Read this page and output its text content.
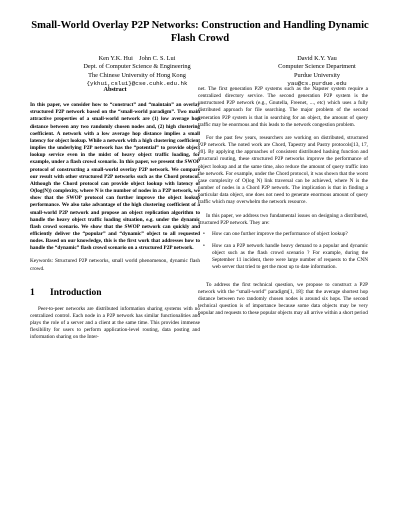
Small-World Overlay P2P Networks: Construction and Handling Dynamic Flash Crowd
Ken Y.K. Hui    John C. S. Lui
Dept. of Computer Science & Engineering
The Chinese University of Hong Kong
{ykhui,cslui}@cse.cuhk.edu.hk
David K.Y. Yau
Computer Science Department
Purdue University
yau@cs.purdue.edu

Abstract

In this paper, we consider how to “construct” and “maintain” an overlay structured P2P network based on the “small-world paradigm”. Two main attractive properties of a small-world network are (1) low average hop distance between any two randomly chosen nodes and, (2) high clustering coefficient. A network with a low average hop distance implies a small latency for object lookup. While a network with a high clustering coefficient implies the underlying P2P network has the “potential” to provide object lookup service even in the midst of heavy object traffic loading, for example, under a flash crowd scenario. In this paper, we present the SWOP protocol of constructing a small-world overlay P2P network. We compare our result with other structured P2P networks such as the Chord protocol. Although the Chord protocol can provide object lookup with latency of O(log(N)) complexity, where N is the number of nodes in a P2P network, we show that the SWOP protocol can further improve the object lookup performance. We also take advantage of the high clustering coefficient of a small-world P2P network and propose an object replication algorithm to handle the heavy object traffic loading situation, e.g. under the dynamic flash crowd scenario. We show that the SWOP network can quickly and efficiently deliver the “popular” and “dynamic” object to all requested nodes. Based on our knowledge, this is the first work that addresses how to handle the “dynamic” flash crowd scenario on a structured P2P network.

Keywords: Structured P2P networks, small world phenomenon, dynamic flash crowd.

1 Introduction

Peer-to-peer networks are distributed information sharing systems with no centralized control. Each node in a P2P network has similar functionalities and plays the role of a server and a client at the same time. This provides immense flexibility for users to perform application-level routing, data posting and information sharing on the Inter-

net. The first generation P2P systems such as the Napster system require a centralized directory service. The second generation P2P system is the unstructured P2P network (e.g., Gnutella, Freenet, ..., etc) which uses a fully distributed approach for file searching. The major problem of the second generation P2P system is that in searching for an object, the amount of query traffic may be enormous and this leads to the network congestion problem.

For the past few years, researchers are working on distributed, structured P2P network. The noted work are Chord, Tapestry and Pastry protocols[13, 17, 20]. By applying the approaches of consistent distributed hashing function and structural routing, these structured P2P networks improve the performance of object lookup and at the same time, also reduce the amount of query traffic into the network. For example, under the Chord protocol, it was shown that the worst case complexity of O(log N) link traversal can be achieved, where N is the number of nodes in a Chord P2P network. The implication is that in finding a particular data object, one does not need to generate enormous amount of query traffic which may overwhelm the network resource.

In this paper, we address two fundamental issues on designing a distributed, structured P2P network. They are:

• How can one further improve the performance of object lookup?
• How can a P2P network handle heavy demand to a popular and dynamic object such as the flash crowd scenario ? For example, during the September 11 incident, there were large number of requests to the CNN web server that tried to get the most up to date information.

To address the first technical question, we propose to construct a P2P network with the “small-world” paradigm[1, 18]: that the average shortest hop distance between two randomly chosen nodes is around six hops. The second technical question is of importance because some data objects may be very popular and requests to these popular objects may all arrive within a short period
